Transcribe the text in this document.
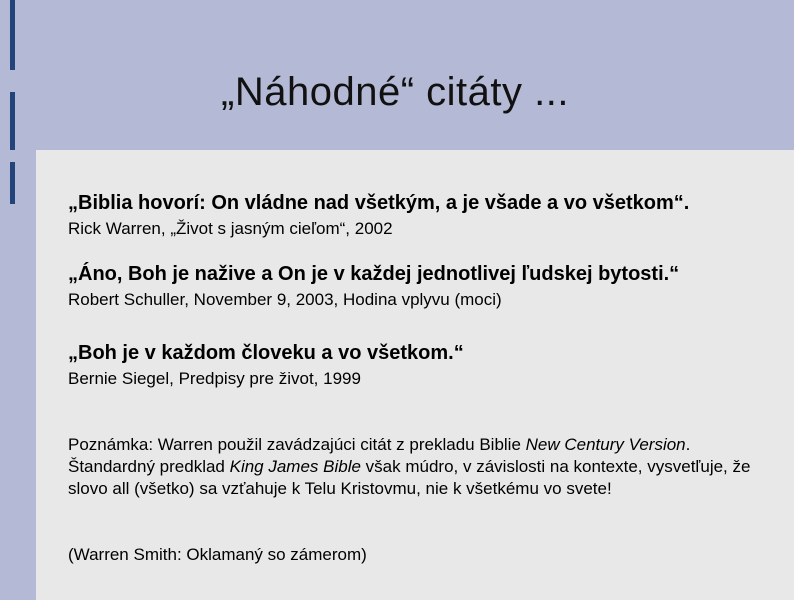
„Náhodné“ citáty ...
„Biblia hovorí: On vládne nad všetkým, a je všade a vo všetkom“.
Rick Warren, „Život s jasným cieľom“, 2002
„Áno, Boh je nažive a On je v každej jednotlivej ľudskej bytosti.“
Robert Schuller, November 9, 2003, Hodina vplyvu (moci)
„Boh je v každom človeku a vo všetkom.“
Bernie Siegel, Predpisy pre život, 1999
Poznámka: Warren použil zavádzajúci citát z prekladu Biblie New Century Version. Štandardný predklad King James Bible však múdro, v závislosti na kontexte, vysvetľuje, že slovo all (všetko) sa vzťahuje k Telu Kristovmu, nie k všetkému vo svete!
(Warren Smith: Oklamaný so zámerom)
